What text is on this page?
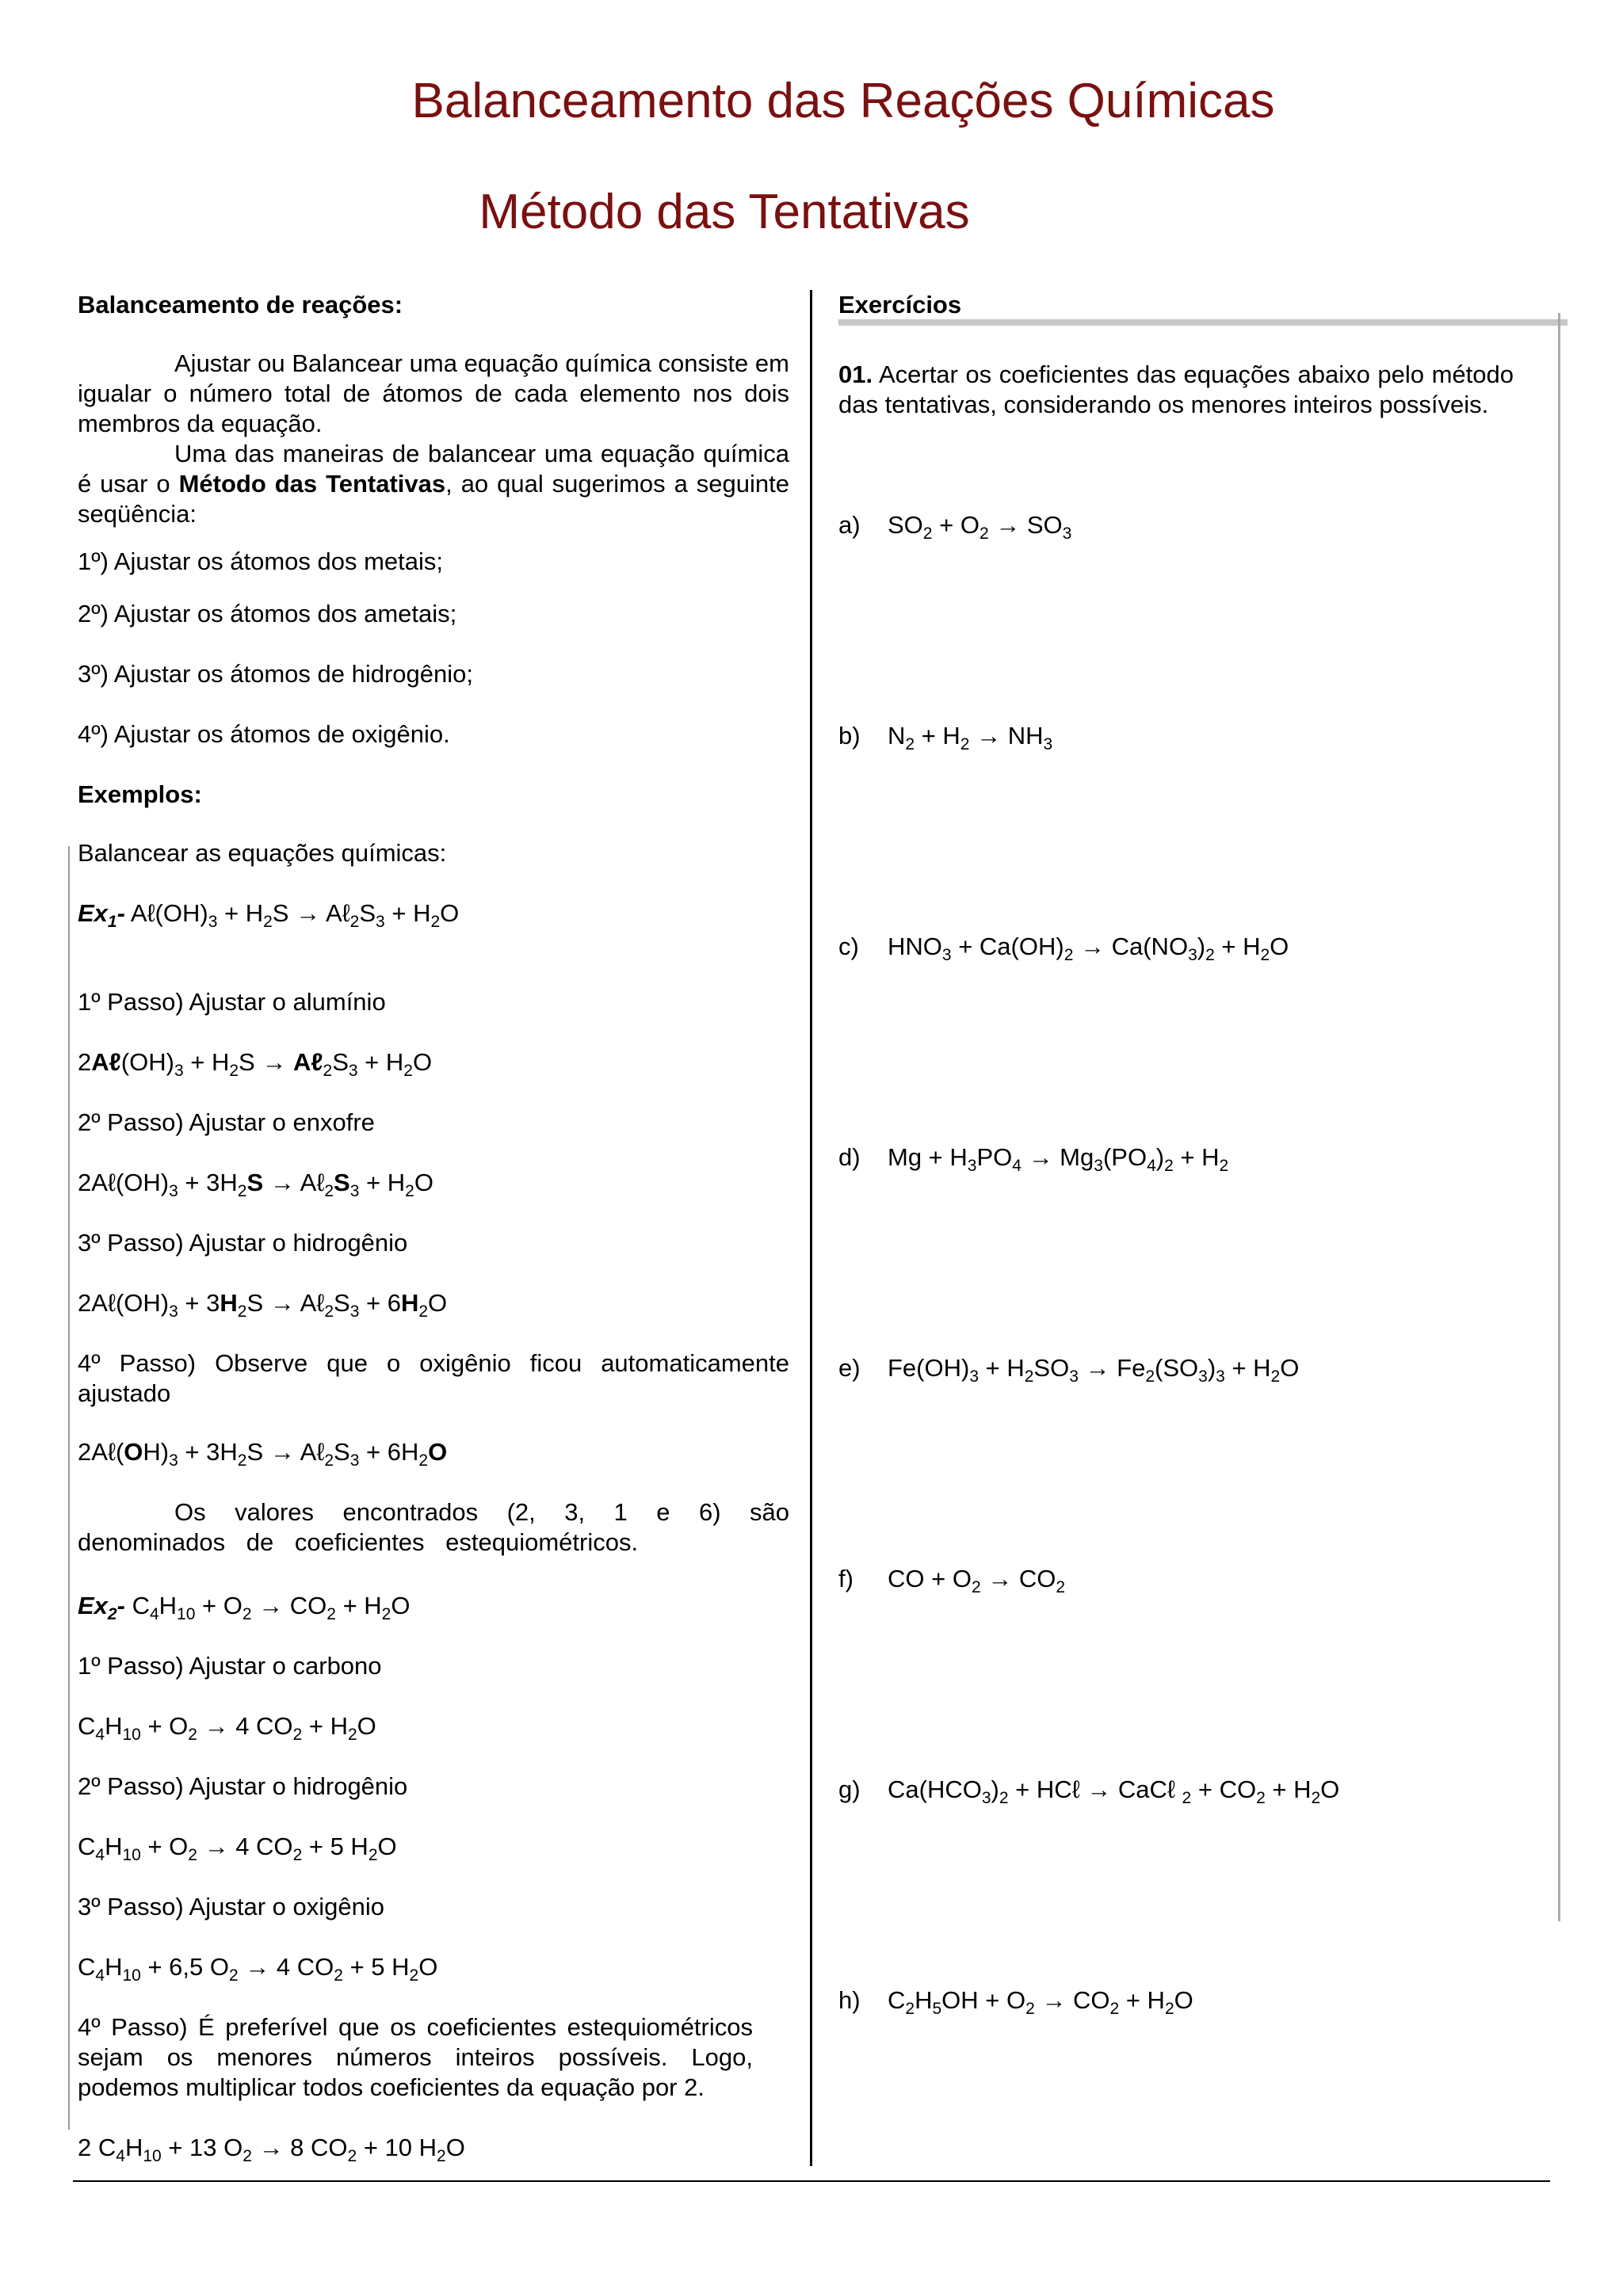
Balanceamento das Reações Químicas
Método das Tentativas
Balanceamento de reações:
Ajustar ou Balancear uma equação química consiste em igualar o número total de átomos de cada elemento nos dois membros da equação.
Uma das maneiras de balancear uma equação química é usar o Método das Tentativas, ao qual sugerimos a seguinte seqüência:
1º) Ajustar os átomos dos metais;
2º) Ajustar os átomos dos ametais;
3º) Ajustar os átomos de hidrogênio;
4º) Ajustar os átomos de oxigênio.
Exemplos:
Balancear as equações químicas:
$Ex_1-$ $A\ell(OH)_3 + H_2S$ → $A\ell_2S_3 + H_2O$
1º Passo) Ajustar o alumínio
$2A\ell(OH)_3 + H_2S$ → $A\ell_2S_3 + H_2O$
2º Passo) Ajustar o enxofre
$2A\ell(OH)_3 + 3H_2S$ → $A\ell_2S_3 + H_2O$
3º Passo) Ajustar o hidrogênio
$2A\ell(OH)_3 + 3H_2S$ → $A\ell_2S_3 + 6H_2O$
4º Passo) Observe que o oxigênio ficou automaticamente ajustado
$2A\ell(OH)_3 + 3H_2S$ → $A\ell_2S_3 + 6H_2O$
Os valores encontrados (2, 3, 1 e 6) são denominados de coeficientes estequiométricos.
$Ex_2-$ $C_4H_{10} + O_2 \to CO_2 + H_2O$
1º Passo) Ajustar o carbono
$C_4H_{10} + O_2 \to 4$ $CO_2 + H_2O$
2º Passo) Ajustar o hidrogênio
$C_4H_{10} + O_2 \to 4$ $CO_2 + 5$ $H_2O$
3º Passo) Ajustar o oxigênio
$C_4H_{10} + 6,5$ $O_2 \to 4$ $CO_2 + 5$ $H_2O$
4º Passo) É preferível que os coeficientes estequiométricos sejam os menores números inteiros possíveis. Logo, podemos multiplicar todos coeficientes da equação por 2.
2 $C_4H_{10} + 13$ $O_2 \to 8$ $CO_2 + 10$ $H_2O$
Exercícios
01. Acertar os coeficientes das equações abaixo pelo método das tentativas, considerando os menores inteiros possíveis.
a) $SO_2 + O_2 \to SO_3$
b) $N_2 + H_2 \to NH_3$
c) $HNO_3 + Ca(OH)_2 \to Ca(NO_3)_2 + H_2O$
d) $Mg + H_3PO_4 \to Mg_3(PO_4)_2 + H_2$
e) $Fe(OH)_3 + H_2SO_3 \to Fe_2(SO_3)_3 + H_2O$
f) CO + $O_2 \to CO_2$
g) $Ca(HCO_3)_2$ + HCℓ → CaCℓ $_2 + CO_2 + H_2O$
h) $C_2H_5OH + O_2 \to CO_2 + H_2O$
